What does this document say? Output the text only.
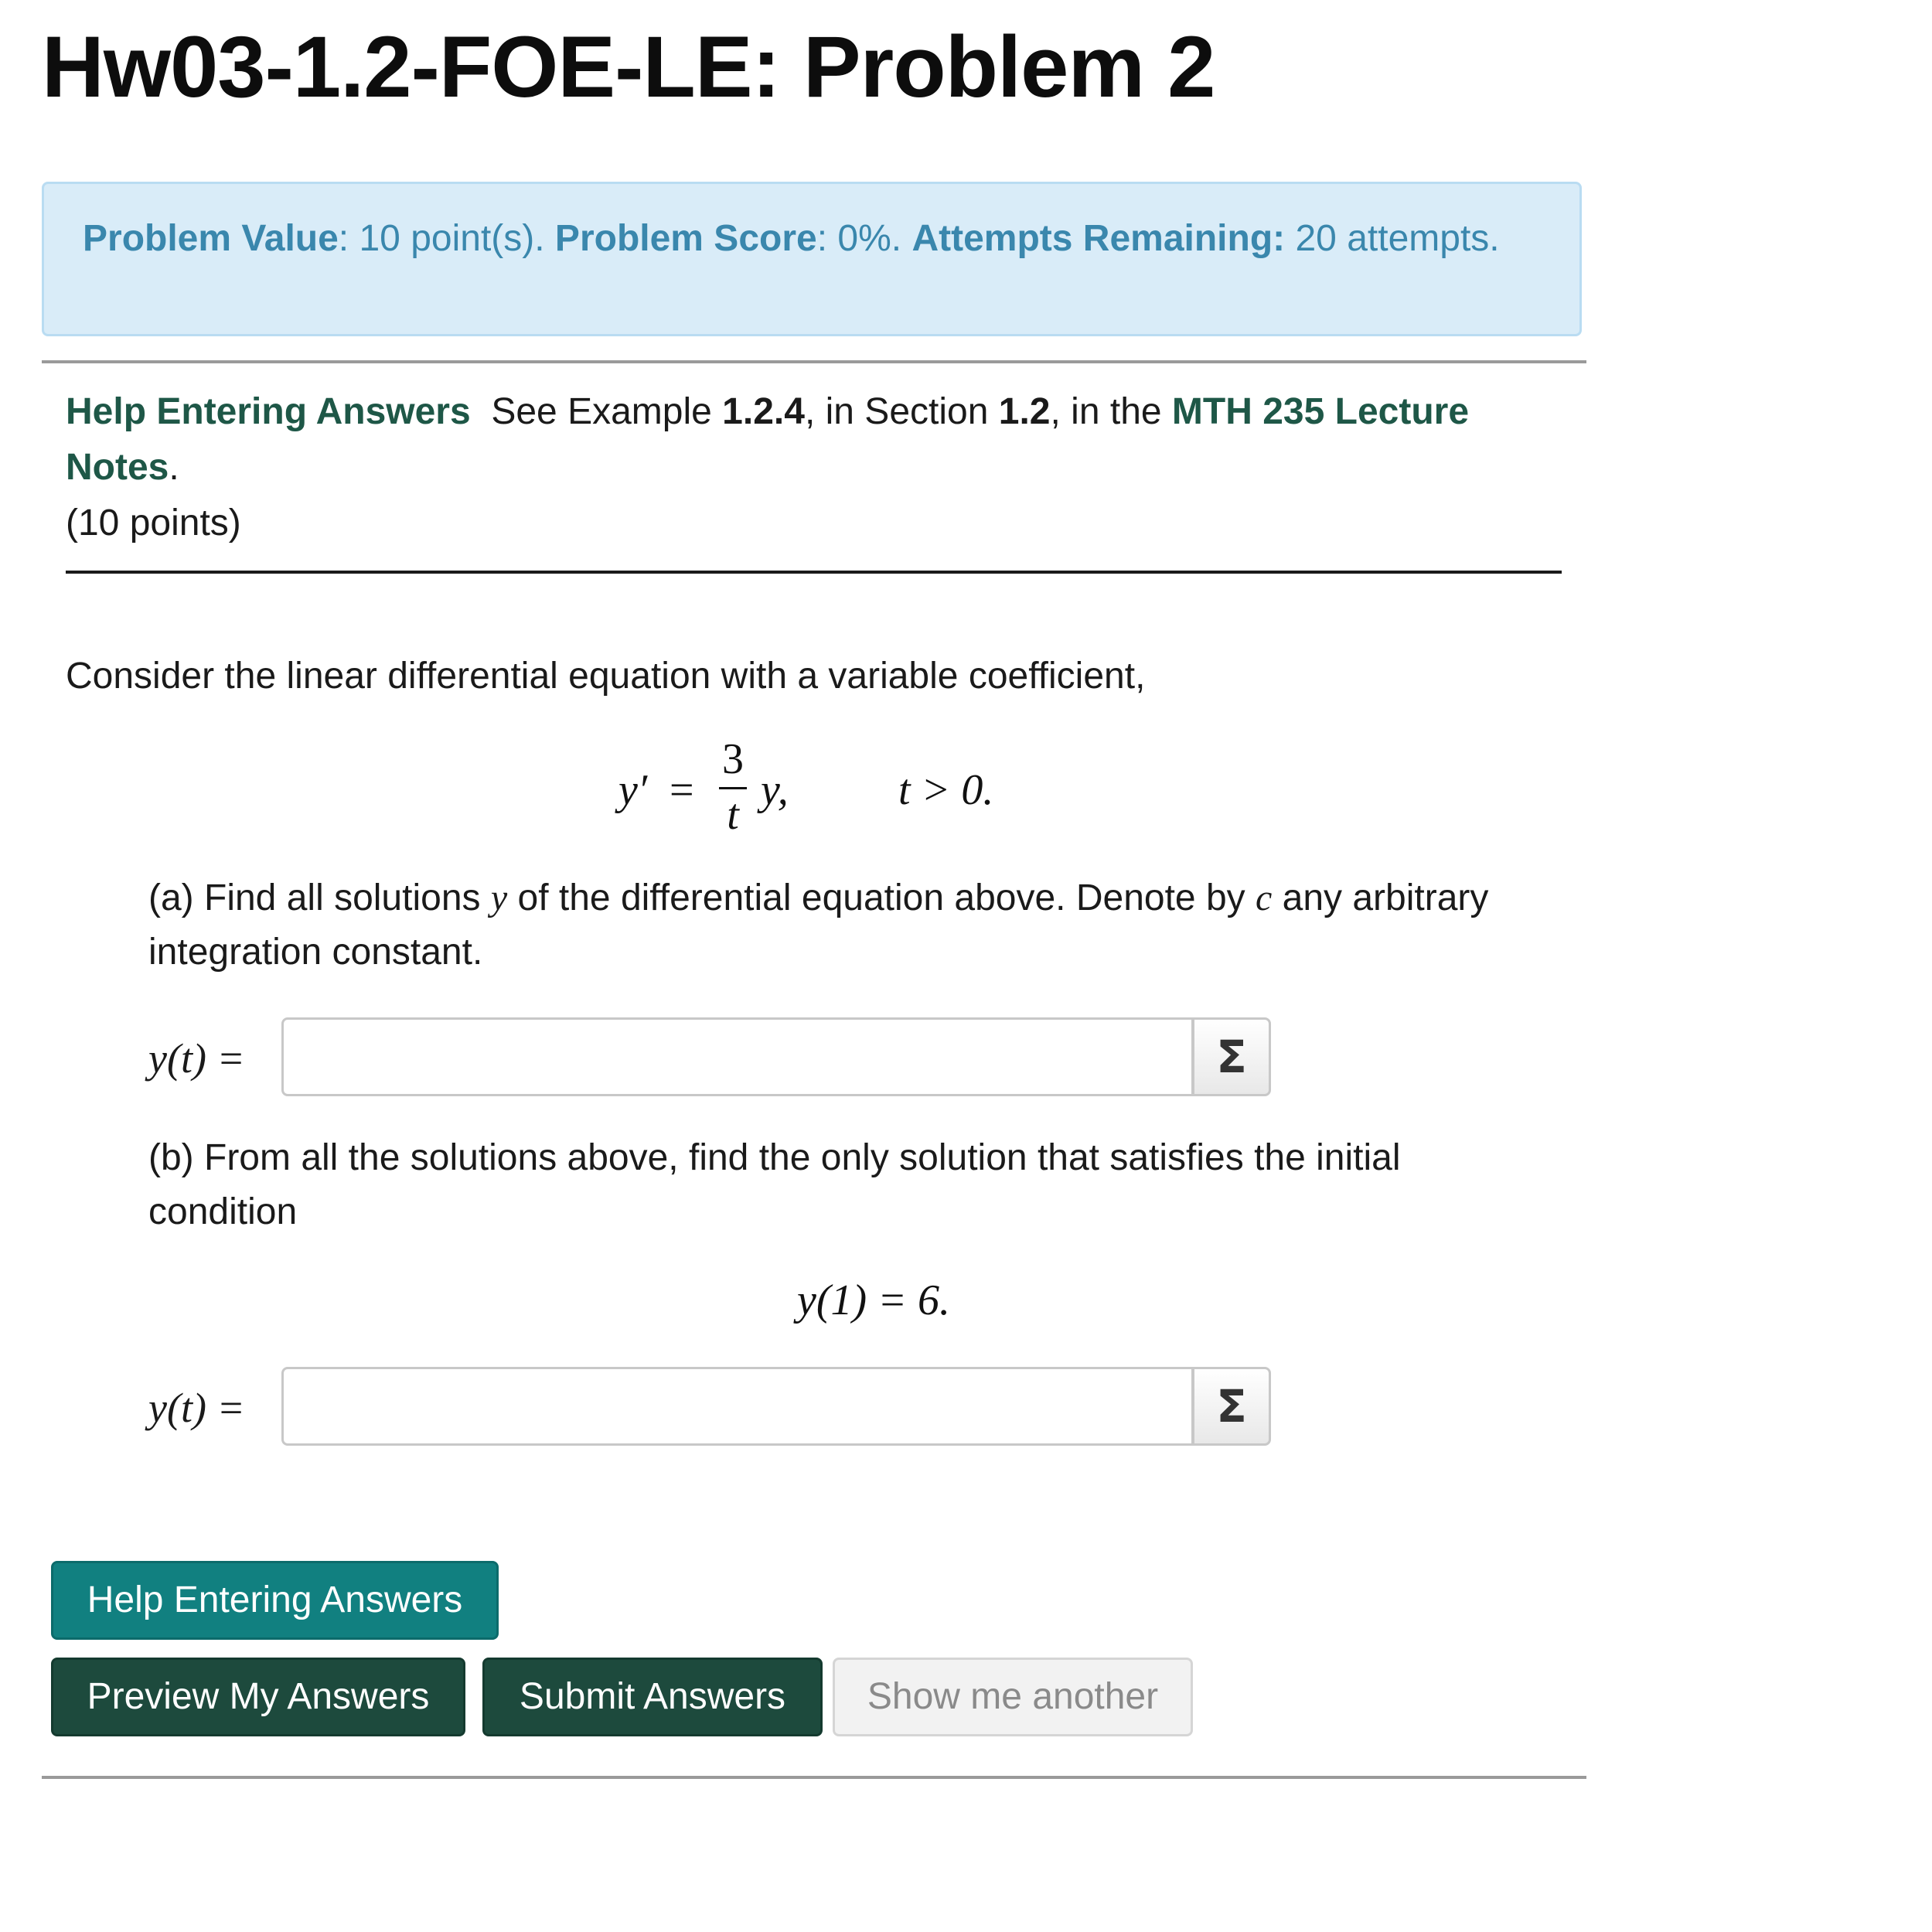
Hw03-1.2-FOE-LE: Problem 2
Problem Value: 10 point(s). Problem Score: 0%. Attempts Remaining: 20 attempts.
Help Entering Answers See Example 1.2.4, in Section 1.2, in the MTH 235 Lecture Notes.
(10 points)
Consider the linear differential equation with a variable coefficient,
y′ =
3
t
y,	t > 0.
(a) Find all solutions y of the differential equation above. Denote by c any arbitrary integration constant.
y(t) =	Σ
(b) From all the solutions above, find the only solution that satisfies the initial condition
y(1) = 6.
y(t) =	Σ
Help Entering Answers
Preview My Answers	Submit Answers	Show me another
